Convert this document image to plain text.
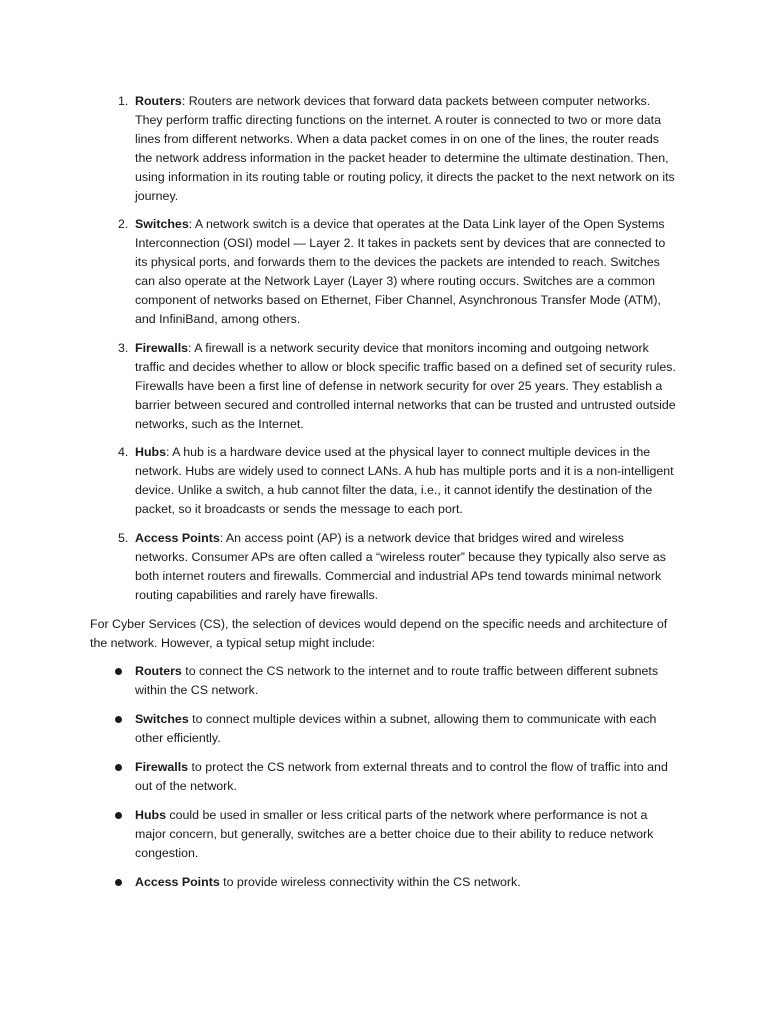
1. Routers: Routers are network devices that forward data packets between computer networks. They perform traffic directing functions on the internet. A router is connected to two or more data lines from different networks. When a data packet comes in on one of the lines, the router reads the network address information in the packet header to determine the ultimate destination. Then, using information in its routing table or routing policy, it directs the packet to the next network on its journey.
2. Switches: A network switch is a device that operates at the Data Link layer of the Open Systems Interconnection (OSI) model — Layer 2. It takes in packets sent by devices that are connected to its physical ports, and forwards them to the devices the packets are intended to reach. Switches can also operate at the Network Layer (Layer 3) where routing occurs. Switches are a common component of networks based on Ethernet, Fiber Channel, Asynchronous Transfer Mode (ATM), and InfiniBand, among others.
3. Firewalls: A firewall is a network security device that monitors incoming and outgoing network traffic and decides whether to allow or block specific traffic based on a defined set of security rules. Firewalls have been a first line of defense in network security for over 25 years. They establish a barrier between secured and controlled internal networks that can be trusted and untrusted outside networks, such as the Internet.
4. Hubs: A hub is a hardware device used at the physical layer to connect multiple devices in the network. Hubs are widely used to connect LANs. A hub has multiple ports and it is a non-intelligent device. Unlike a switch, a hub cannot filter the data, i.e., it cannot identify the destination of the packet, so it broadcasts or sends the message to each port.
5. Access Points: An access point (AP) is a network device that bridges wired and wireless networks. Consumer APs are often called a “wireless router” because they typically also serve as both internet routers and firewalls. Commercial and industrial APs tend towards minimal network routing capabilities and rarely have firewalls.

For Cyber Services (CS), the selection of devices would depend on the specific needs and architecture of the network. However, a typical setup might include:

Routers to connect the CS network to the internet and to route traffic between different subnets within the CS network.
Switches to connect multiple devices within a subnet, allowing them to communicate with each other efficiently.
Firewalls to protect the CS network from external threats and to control the flow of traffic into and out of the network.
Hubs could be used in smaller or less critical parts of the network where performance is not a major concern, but generally, switches are a better choice due to their ability to reduce network congestion.
Access Points to provide wireless connectivity within the CS network.
